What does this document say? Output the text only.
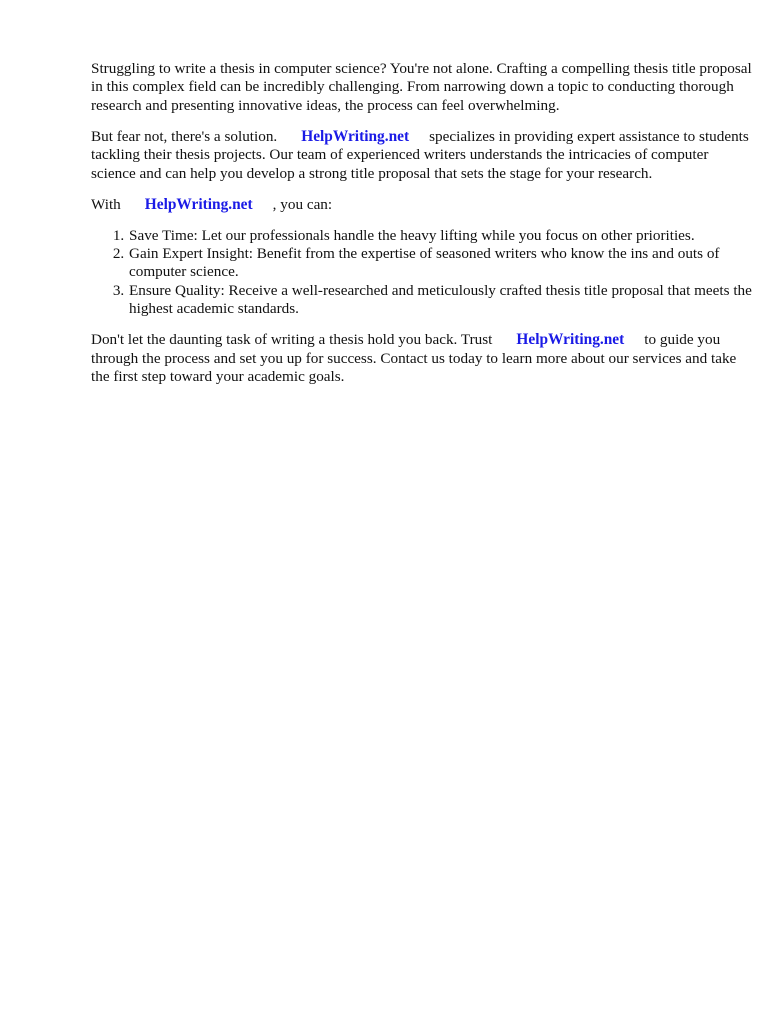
Struggling to write a thesis in computer science? You're not alone. Crafting a compelling thesis title proposal in this complex field can be incredibly challenging. From narrowing down a topic to conducting thorough research and presenting innovative ideas, the process can feel overwhelming.

But fear not, there's a solution. HelpWriting.net specializes in providing expert assistance to students tackling their thesis projects. Our team of experienced writers understands the intricacies of computer science and can help you develop a strong title proposal that sets the stage for your research.

With HelpWriting.net , you can:

1. Save Time: Let our professionals handle the heavy lifting while you focus on other priorities.
2. Gain Expert Insight: Benefit from the expertise of seasoned writers who know the ins and outs of computer science.
3. Ensure Quality: Receive a well-researched and meticulously crafted thesis title proposal that meets the highest academic standards.

Don't let the daunting task of writing a thesis hold you back. Trust HelpWriting.net to guide you through the process and set you up for success. Contact us today to learn more about our services and take the first step toward your academic goals.
